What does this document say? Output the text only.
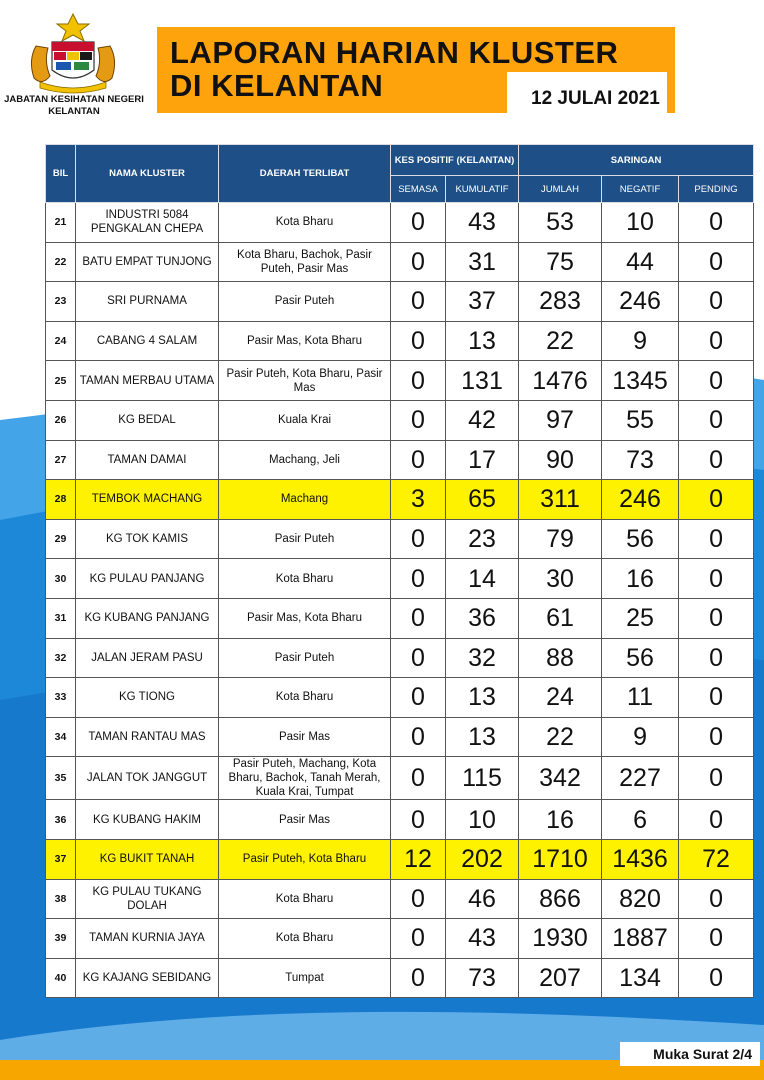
JABATAN KESIHATAN NEGERI KELANTAN
LAPORAN HARIAN KLUSTER
DI KELANTAN	12 JULAI 2021
BIL	NAMA KLUSTER	DAERAH TERLIBAT	KES POSITIF (KELANTAN)		SARINGAN		
			SEMASA	KUMULATIF	JUMLAH	NEGATIF	PENDING
21	INDUSTRI 5084 PENGKALAN CHEPA	Kota Bharu	0	43	53	10	0
22	BATU EMPAT TUNJONG	Kota Bharu, Bachok, Pasir Puteh, Pasir Mas	0	31	75	44	0
23	SRI PURNAMA	Pasir Puteh	0	37	283	246	0
24	CABANG 4 SALAM	Pasir Mas, Kota Bharu	0	13	22	9	0
25	TAMAN MERBAU UTAMA	Pasir Puteh, Kota Bharu, Pasir Mas	0	131	1476	1345	0
26	KG BEDAL	Kuala Krai	0	42	97	55	0
27	TAMAN DAMAI	Machang, Jeli	0	17	90	73	0
28	TEMBOK MACHANG	Machang	3	65	311	246	0
29	KG TOK KAMIS	Pasir Puteh	0	23	79	56	0
30	KG PULAU PANJANG	Kota Bharu	0	14	30	16	0
31	KG KUBANG PANJANG	Pasir Mas, Kota Bharu	0	36	61	25	0
32	JALAN JERAM PASU	Pasir Puteh	0	32	88	56	0
33	KG TIONG	Kota Bharu	0	13	24	11	0
34	TAMAN RANTAU MAS	Pasir Mas	0	13	22	9	0
35	JALAN TOK JANGGUT	Pasir Puteh, Machang, Kota Bharu, Bachok, Tanah Merah, Kuala Krai, Tumpat	0	115	342	227	0
36	KG KUBANG HAKIM	Pasir Mas	0	10	16	6	0
37	KG BUKIT TANAH	Pasir Puteh, Kota Bharu	12	202	1710	1436	72
38	KG PULAU TUKANG DOLAH	Kota Bharu	0	46	866	820	0
39	TAMAN KURNIA JAYA	Kota Bharu	0	43	1930	1887	0
40	KG KAJANG SEBIDANG	Tumpat	0	73	207	134	0
Muka Surat 2/4
